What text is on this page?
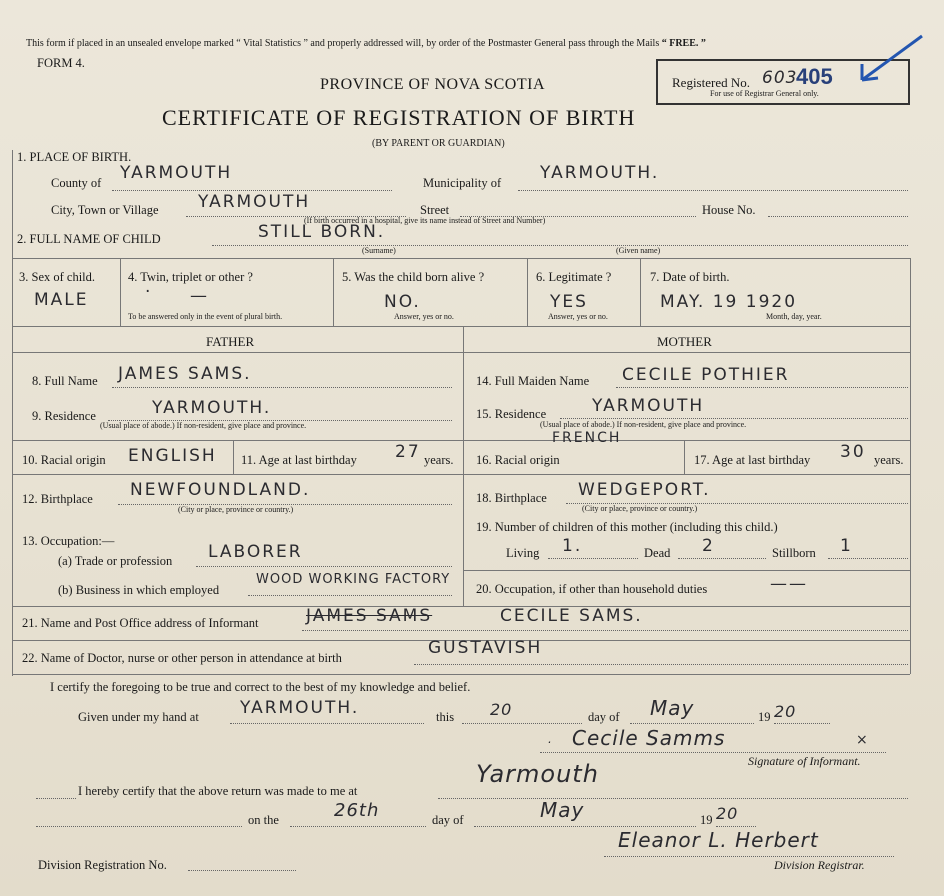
This form if placed in an unsealed envelope marked “ Vital Statistics ” and properly addressed will, by order of the Postmaster General pass through the Mails “ FREE. ”
FORM 4.
Registered No. 603
405
For use of Registrar General only.
PROVINCE OF NOVA SCOTIA
CERTIFICATE OF REGISTRATION OF BIRTH
(BY PARENT OR GUARDIAN)
1. PLACE OF BIRTH.
County of YARMOUTH	Municipality of YARMOUTH.
City, Town or Village YARMOUTH	Street	House No.
(If birth occurred in a hospital, give its name instead of Street and Number)
2. FULL NAME OF CHILD	STILL BORN.
(Surname)	(Given name)
3. Sex of child.
MALE
4. Twin, triplet or other ?
· —
To be answered only in the event of plural birth.
5. Was the child born alive ?
NO.
Answer, yes or no.
6. Legitimate ?
YES
Answer, yes or no.
7. Date of birth.
MAY. 19 1920
Month, day, year.
FATHER	MOTHER
8. Full Name JAMES SAMS.
9. Residence	YARMOUTH.
(Usual place of abode.) If non-resident, give place and province.
10. Racial origin ENGLISH 11. Age at last birthday 27 years.
12. Birthplace NEWFOUNDLAND.
(City or place, province or country.)
13. Occupation:—
(a) Trade or profession LABORER
(b) Business in which employed
WOOD WORKING FACTORY
14. Full Maiden Name CECILE POTHIER
15. Residence	YARMOUTH
(Usual place of abode.) If non-resident, give place and province.
16. Racial origin
FRENCH
17. Age at last birthday 30 years.
18. Birthplace WEDGEPORT.
(City or place, province or country.)
19. Number of children of this mother (including this child.)
Living 1.	Dead 2	Stillborn 1
20. Occupation, if other than household duties	——
21. Name and Post Office address of Informant	JAMES SAMS	CECILE SAMS.
22. Name of Doctor, nurse or other person in attendance at birth	GUSTAVISH
I certify the foregoing to be true and correct to the best of my knowledge and belief.
Given under my hand at YARMOUTH.	this 20	day of May	19 20
. Cecile Samms	×
Signature of Informant.
I hereby certify that the above return was made to me at
Yarmouth
on the	26th	day of	May	19 20
Division Registration No.
Eleanor L. Herbert
Division Registrar.
